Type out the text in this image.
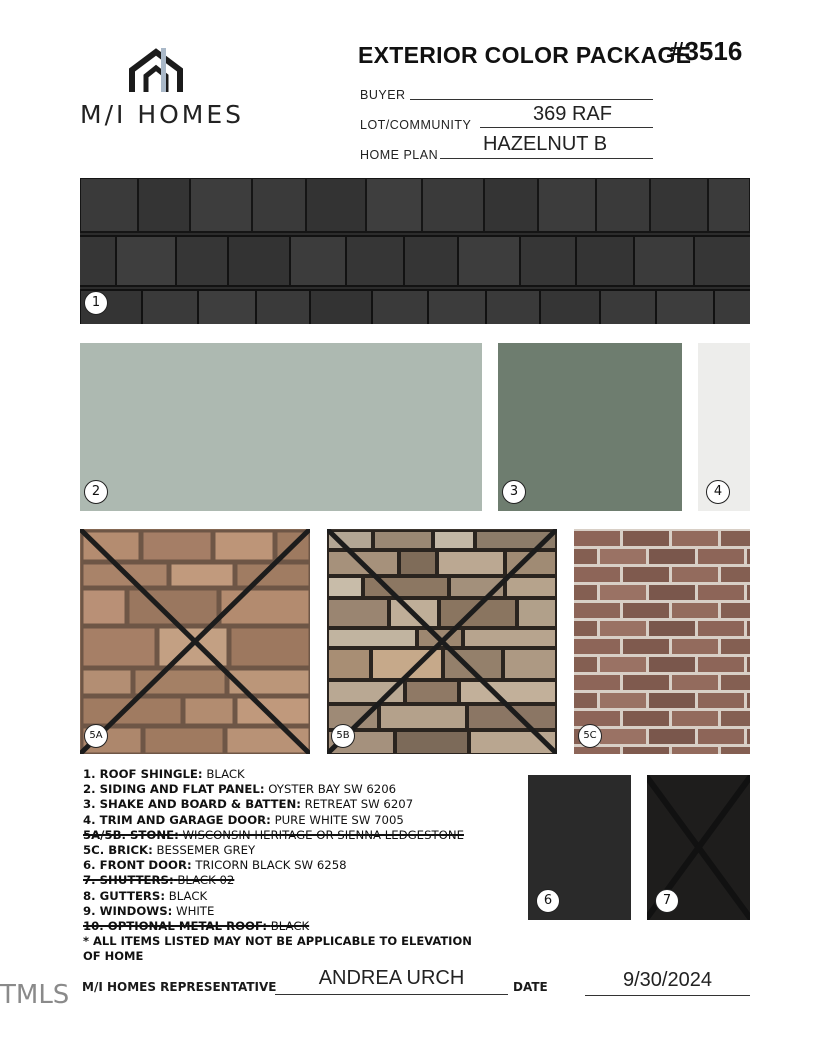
M/I HOMES
EXTERIOR COLOR PACKAGE
#3516
BUYER
LOT/COMMUNITY	369 RAF
HOME PLAN	HAZELNUT B
1
2	3	4
5A	5B	5C
1. ROOF SHINGLE: BLACK
2. SIDING AND FLAT PANEL: OYSTER BAY SW 6206
3. SHAKE AND BOARD & BATTEN: RETREAT SW 6207
4. TRIM AND GARAGE DOOR: PURE WHITE SW 7005
5A/5B. STONE: WISCONSIN HERITAGE OR SIENNA LEDGESTONE
5C. BRICK: BESSEMER GREY
6. FRONT DOOR: TRICORN BLACK SW 6258
7. SHUTTERS: BLACK 02
8. GUTTERS: BLACK
9. WINDOWS: WHITE
10. OPTIONAL METAL ROOF: BLACK
* ALL ITEMS LISTED MAY NOT BE APPLICABLE TO ELEVATION OF HOME
6	7
TMLS M/I HOMES REPRESENTATIVE	ANDREA URCH	DATE	9/30/2024
